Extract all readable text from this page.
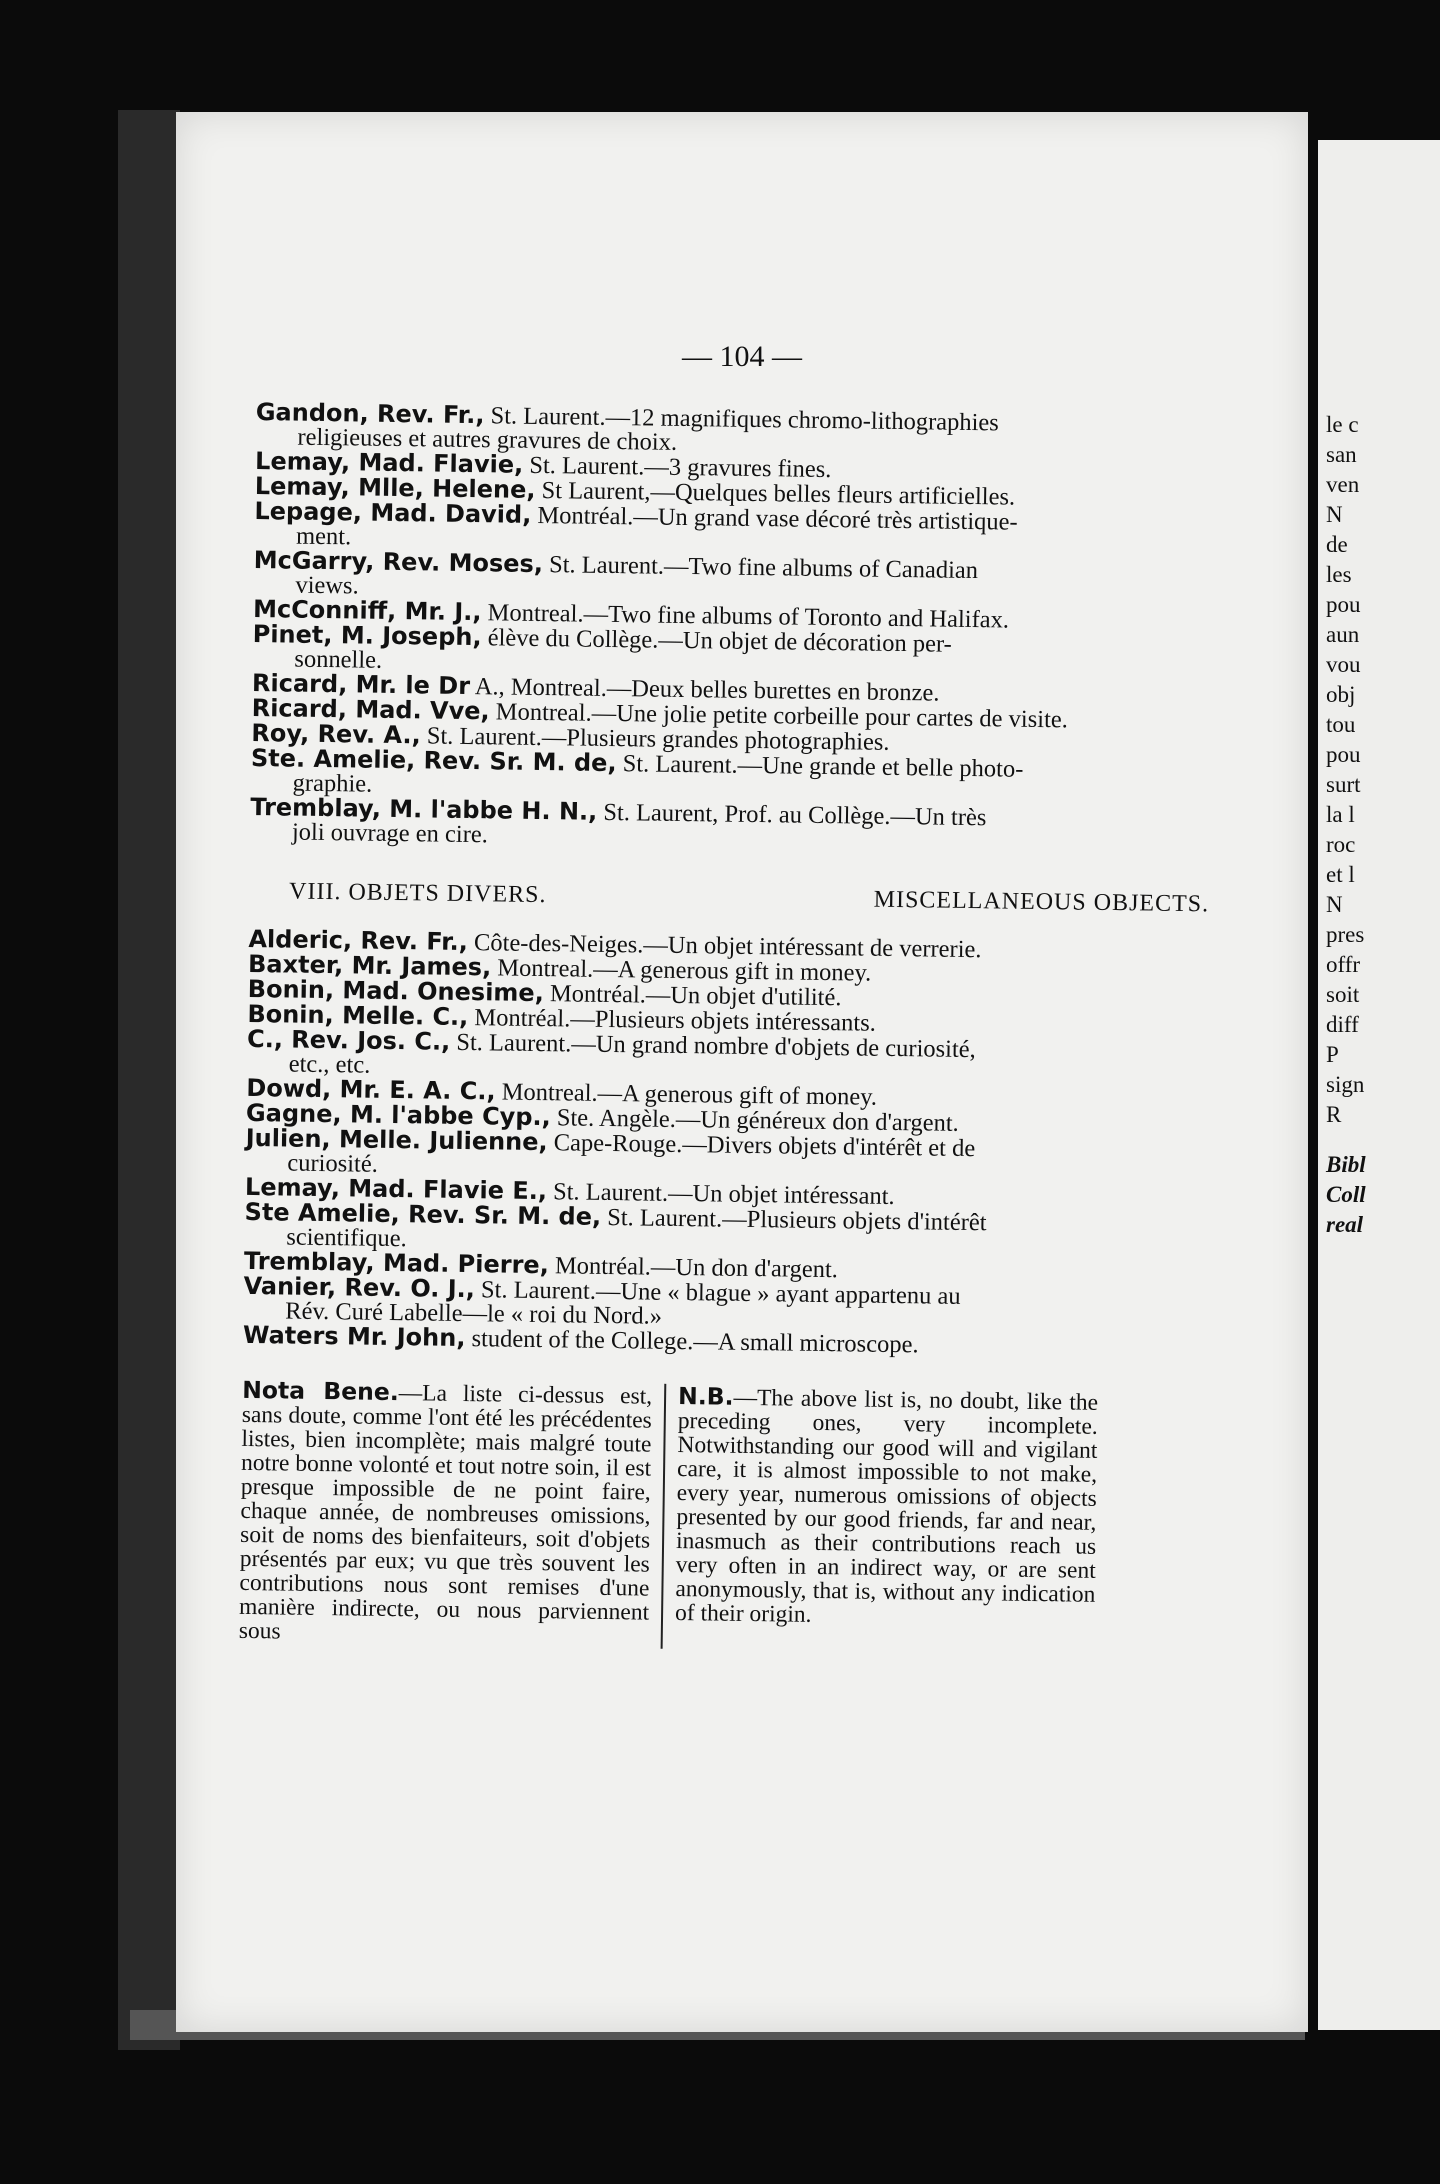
— 104 —

Gandon, Rev. Fr., St. Laurent.—12 magnifiques chromo-lithographies
religieuses et autres gravures de choix.

Lemay, Mad. Flavie, St. Laurent.—3 gravures fines.

Lemay, Mlle, Helene, St Laurent,—Quelques belles fleurs artificielles.

Lepage, Mad. David, Montréal.—Un grand vase décoré très artistique-
ment.

McGarry, Rev. Moses, St. Laurent.—Two fine albums of Canadian
views.

McConniff, Mr. J., Montreal.—Two fine albums of Toronto and Halifax.

Pinet, M. Joseph, élève du Collège.—Un objet de décoration per-
sonnelle.

Ricard, Mr. le Dr A., Montreal.—Deux belles burettes en bronze.

Ricard, Mad. Vve, Montreal.—Une jolie petite corbeille pour cartes de visite.

Roy, Rev. A., St. Laurent.—Plusieurs grandes photographies.

Ste. Amelie, Rev. Sr. M. de, St. Laurent.—Une grande et belle photo-
graphie.

Tremblay, M. l'abbe H. N., St. Laurent, Prof. au Collège.—Un très
joli ouvrage en cire.

VIII. OBJETS DIVERS.	MISCELLANEOUS OBJECTS.

Alderic, Rev. Fr., Côte-des-Neiges.—Un objet intéressant de verrerie.

Baxter, Mr. James, Montreal.—A generous gift in money.

Bonin, Mad. Onesime, Montréal.—Un objet d'utilité.

Bonin, Melle. C., Montréal.—Plusieurs objets intéressants.

C., Rev. Jos. C., St. Laurent.—Un grand nombre d'objets de curiosité,
etc., etc.

Dowd, Mr. E. A. C., Montreal.—A generous gift of money.

Gagne, M. l'abbe Cyp., Ste. Angèle.—Un généreux don d'argent.

Julien, Melle. Julienne, Cape-Rouge.—Divers objets d'intérêt et de
curiosité.

Lemay, Mad. Flavie E., St. Laurent.—Un objet intéressant.

Ste Amelie, Rev. Sr. M. de, St. Laurent.—Plusieurs objets d'intérêt
scientifique.

Tremblay, Mad. Pierre, Montréal.—Un don d'argent.

Vanier, Rev. O. J., St. Laurent.—Une « blague » ayant appartenu au
Rév. Curé Labelle—le « roi du Nord.»

Waters Mr. John, student of the College.—A small microscope.

Nota Bene.—La liste ci-dessus est, sans doute, comme l'ont été les précédentes listes, bien incomplète; mais malgré toute notre bonne volonté et tout notre soin, il est presque impossible de ne point faire, chaque année, de nombreuses omissions, soit de noms des bienfaiteurs, soit d'objets présentés par eux; vu que très souvent les contributions nous sont remises d'une manière indirecte, ou nous parviennent sous
N.B.—The above list is, no doubt, like the preceding ones, very incomplete. Notwithstanding our good will and vigilant care, it is almost impossible to not make, every year, numerous omissions of objects presented by our good friends, far and near, inasmuch as their contributions reach us very often in an indirect way, or are sent anonymously, that is, without any indication of their origin.
le c
san
ven
N
de
les
pou
aun
vou
obj
tou
pou
surt
la l
roc
et l
N
pres
offr
soit
diff
P
sign
R
Bibl
Coll
real
